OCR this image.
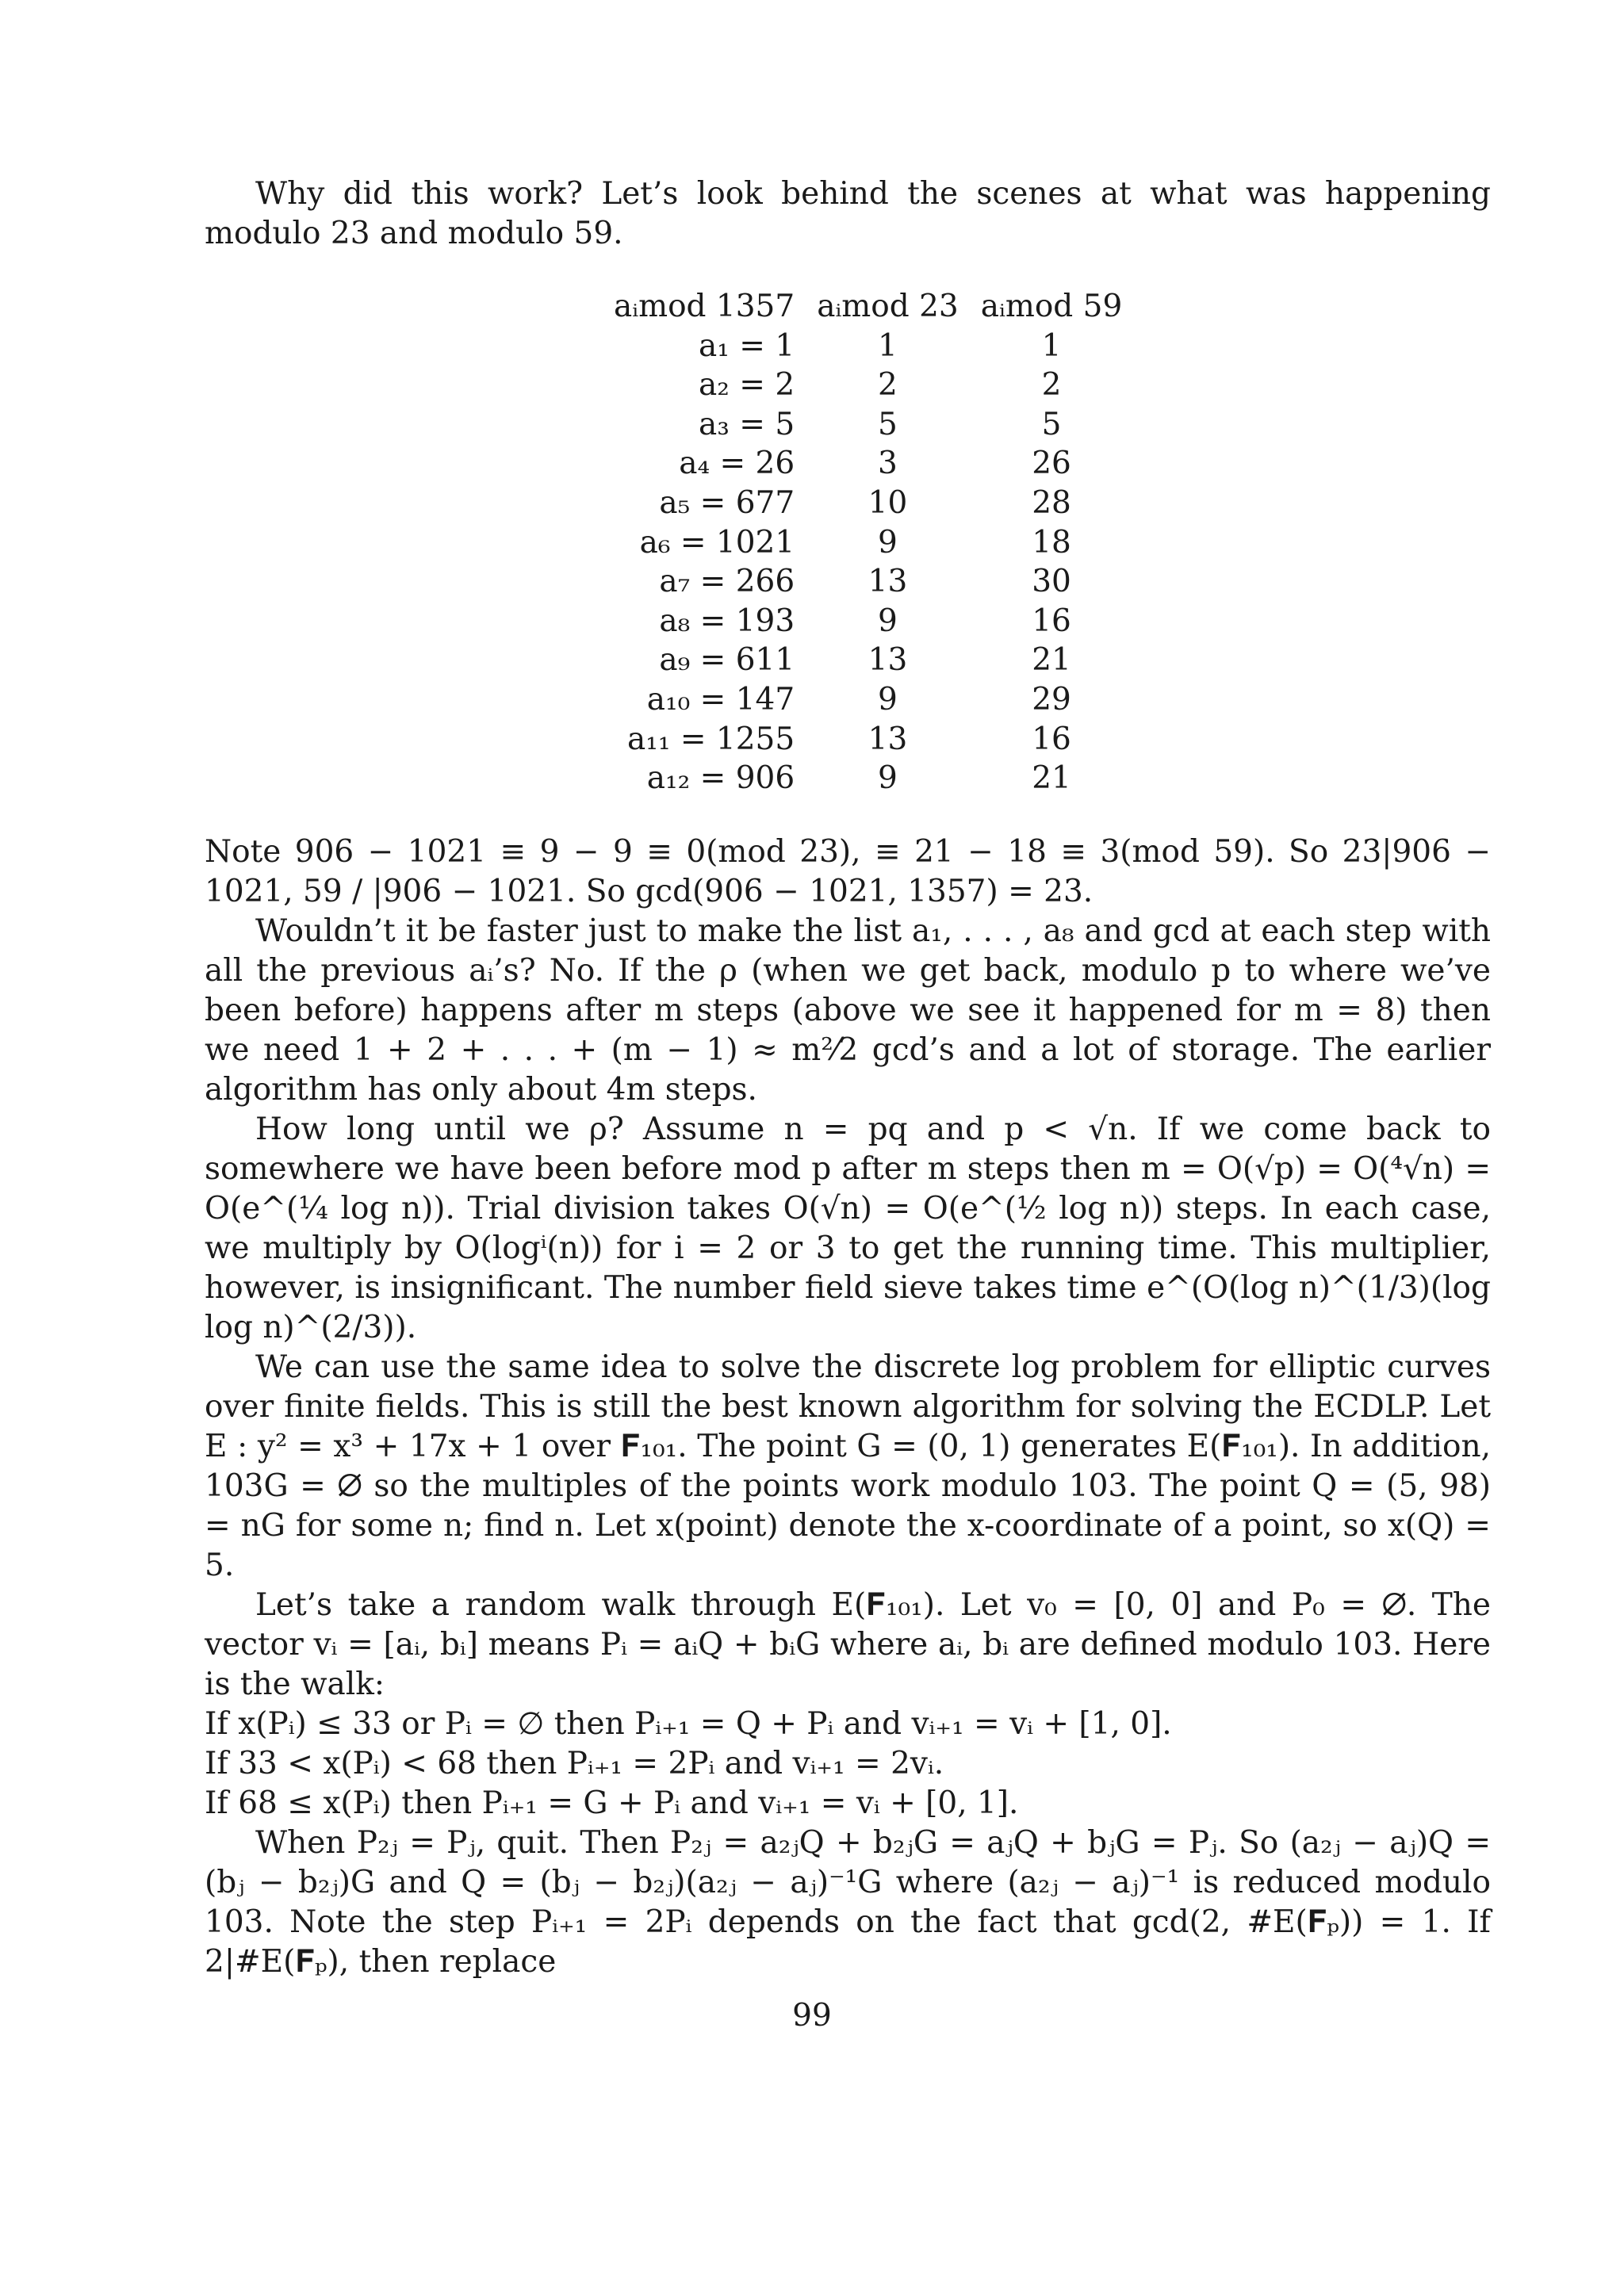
Why did this work? Let’s look behind the scenes at what was happening modulo 23 and modulo 59.

aᵢmod 1357	aᵢmod 23	aᵢmod 59
a₁ = 1	1	1
a₂ = 2	2	2
a₃ = 5	5	5
a₄ = 26	3	26
a₅ = 677	10	28
a₆ = 1021	9	18
a₇ = 266	13	30
a₈ = 193	9	16
a₉ = 611	13	21
a₁₀ = 147	9	29
a₁₁ = 1255	13	16
a₁₂ = 906	9	21

Note 906 − 1021 ≡ 9 − 9 ≡ 0(mod 23), ≡ 21 − 18 ≡ 3(mod 59). So 23|906 − 1021, 59 / |906 − 1021. So gcd(906 − 1021, 1357) = 23.

Wouldn’t it be faster just to make the list a₁, . . . , a₈ and gcd at each step with all the previous aᵢ’s? No. If the ρ (when we get back, modulo p to where we’ve been before) happens after m steps (above we see it happened for m = 8) then we need 1 + 2 + . . . + (m − 1) ≈ m²⁄2 gcd’s and a lot of storage. The earlier algorithm has only about 4m steps.

How long until we ρ? Assume n = pq and p < √n. If we come back to somewhere we have been before mod p after m steps then m = O(√p) = O(⁴√n) = O(e^(¼ log n)). Trial division takes O(√n) = O(e^(½ log n)) steps. In each case, we multiply by O(logⁱ(n)) for i = 2 or 3 to get the running time. This multiplier, however, is insignificant. The number field sieve takes time e^(O(log n)^(1/3)(log log n)^(2/3)).

We can use the same idea to solve the discrete log problem for elliptic curves over finite fields. This is still the best known algorithm for solving the ECDLP. Let E : y² = x³ + 17x + 1 over 𝐅₁₀₁. The point G = (0, 1) generates E(𝐅₁₀₁). In addition, 103G = ∅ so the multiples of the points work modulo 103. The point Q = (5, 98) = nG for some n; find n. Let x(point) denote the x-coordinate of a point, so x(Q) = 5.

Let’s take a random walk through E(𝐅₁₀₁). Let v₀ = [0, 0] and P₀ = ∅. The vector vᵢ = [aᵢ, bᵢ] means Pᵢ = aᵢQ + bᵢG where aᵢ, bᵢ are defined modulo 103. Here is the walk:

If x(Pᵢ) ≤ 33 or Pᵢ = ∅ then Pᵢ₊₁ = Q + Pᵢ and vᵢ₊₁ = vᵢ + [1, 0].

If 33 < x(Pᵢ) < 68 then Pᵢ₊₁ = 2Pᵢ and vᵢ₊₁ = 2vᵢ.

If 68 ≤ x(Pᵢ) then Pᵢ₊₁ = G + Pᵢ and vᵢ₊₁ = vᵢ + [0, 1].

When P₂ⱼ = Pⱼ, quit. Then P₂ⱼ = a₂ⱼQ + b₂ⱼG = aⱼQ + bⱼG = Pⱼ. So (a₂ⱼ − aⱼ)Q = (bⱼ − b₂ⱼ)G and Q = (bⱼ − b₂ⱼ)(a₂ⱼ − aⱼ)⁻¹G where (a₂ⱼ − aⱼ)⁻¹ is reduced modulo 103. Note the step Pᵢ₊₁ = 2Pᵢ depends on the fact that gcd(2, #E(𝐅ₚ)) = 1. If 2|#E(𝐅ₚ), then replace

99
